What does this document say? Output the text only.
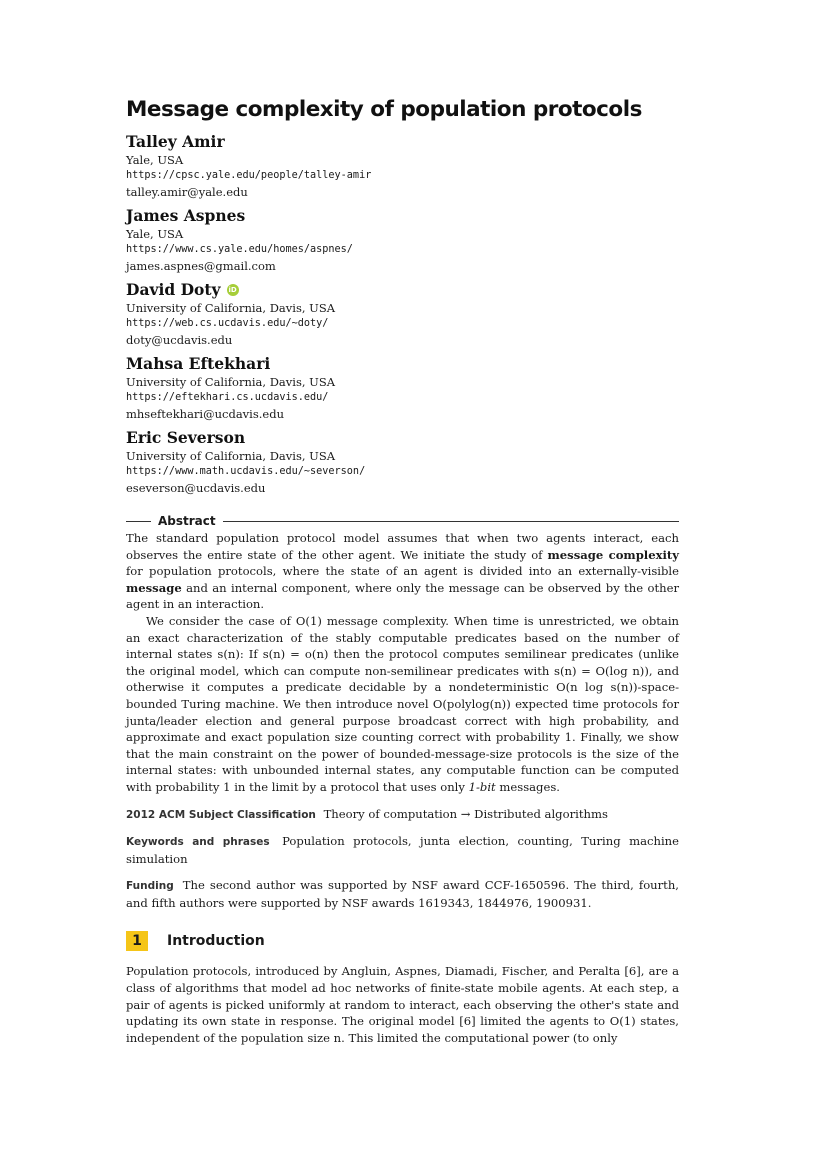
Message complexity of population protocols
Talley Amir
Yale, USA
https://cpsc.yale.edu/people/talley-amir
talley.amir@yale.edu
James Aspnes
Yale, USA
https://www.cs.yale.edu/homes/aspnes/
james.aspnes@gmail.com
David Doty iD
University of California, Davis, USA
https://web.cs.ucdavis.edu/~doty/
doty@ucdavis.edu
Mahsa Eftekhari
University of California, Davis, USA
https://eftekhari.cs.ucdavis.edu/
mhseftekhari@ucdavis.edu
Eric Severson
University of California, Davis, USA
https://www.math.ucdavis.edu/~severson/
eseverson@ucdavis.edu
Abstract

The standard population protocol model assumes that when two agents interact, each observes the entire state of the other agent. We initiate the study of message complexity for population protocols, where the state of an agent is divided into an externally-visible message and an internal component, where only the message can be observed by the other agent in an interaction.

We consider the case of O(1) message complexity. When time is unrestricted, we obtain an exact characterization of the stably computable predicates based on the number of internal states s(n): If s(n) = o(n) then the protocol computes semilinear predicates (unlike the original model, which can compute non-semilinear predicates with s(n) = O(log n)), and otherwise it computes a predicate decidable by a nondeterministic O(n log s(n))-space-bounded Turing machine. We then introduce novel O(polylog(n)) expected time protocols for junta/leader election and general purpose broadcast correct with high probability, and approximate and exact population size counting correct with probability 1. Finally, we show that the main constraint on the power of bounded-message-size protocols is the size of the internal states: with unbounded internal states, any computable function can be computed with probability 1 in the limit by a protocol that uses only 1-bit messages.

2012 ACM Subject Classification Theory of computation → Distributed algorithms
Keywords and phrases Population protocols, junta election, counting, Turing machine simulation
Funding The second author was supported by NSF award CCF-1650596. The third, fourth, and fifth authors were supported by NSF awards 1619343, 1844976, 1900931.
1	Introduction

Population protocols, introduced by Angluin, Aspnes, Diamadi, Fischer, and Peralta [6], are a class of algorithms that model ad hoc networks of finite-state mobile agents. At each step, a pair of agents is picked uniformly at random to interact, each observing the other's state and updating its own state in response. The original model [6] limited the agents to O(1) states, independent of the population size n. This limited the computational power (to only
